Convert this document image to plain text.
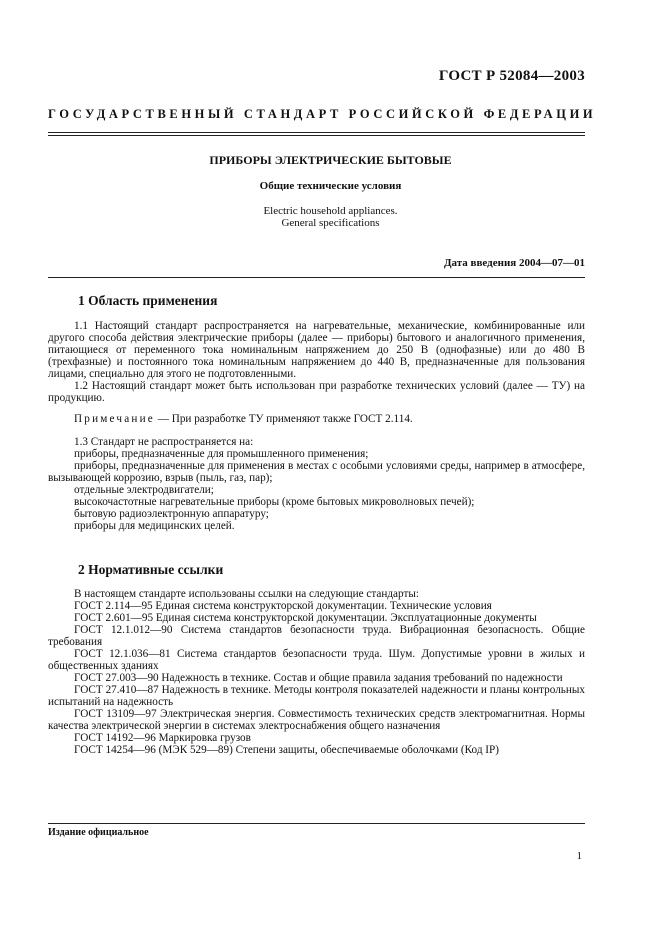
ГОСТ Р 52084—2003
ГОСУДАРСТВЕННЫЙ СТАНДАРТ РОССИЙСКОЙ ФЕДЕРАЦИИ
ПРИБОРЫ ЭЛЕКТРИЧЕСКИЕ БЫТОВЫЕ
Общие технические условия
Electric household appliances.
General specifications
Дата введения 2004—07—01
1 Область применения
1.1 Настоящий стандарт распространяется на нагревательные, механические, комбинированные или другого способа действия электрические приборы (далее — приборы) бытового и аналогичного применения, питающиеся от переменного тока номинальным напряжением до 250 В (однофазные) или до 480 В (трехфазные) и постоянного тока номинальным напряжением до 440 В, предназначенные для пользования лицами, специально для этого не подготовленными.
1.2 Настоящий стандарт может быть использован при разработке технических условий (далее — ТУ) на продукцию.
Примечание — При разработке ТУ применяют также ГОСТ 2.114.
1.3 Стандарт не распространяется на:
приборы, предназначенные для промышленного применения;
приборы, предназначенные для применения в местах с особыми условиями среды, например в атмосфере, вызывающей коррозию, взрыв (пыль, газ, пар);
отдельные электродвигатели;
высокочастотные нагревательные приборы (кроме бытовых микроволновых печей);
бытовую радиоэлектронную аппаратуру;
приборы для медицинских целей.
2 Нормативные ссылки
В настоящем стандарте использованы ссылки на следующие стандарты:
ГОСТ 2.114—95 Единая система конструкторской документации. Технические условия
ГОСТ 2.601—95 Единая система конструкторской документации. Эксплуатационные документы
ГОСТ 12.1.012—90 Система стандартов безопасности труда. Вибрационная безопасность. Общие требования
ГОСТ 12.1.036—81 Система стандартов безопасности труда. Шум. Допустимые уровни в жилых и общественных зданиях
ГОСТ 27.003—90 Надежность в технике. Состав и общие правила задания требований по надежности
ГОСТ 27.410—87 Надежность в технике. Методы контроля показателей надежности и планы контрольных испытаний на надежность
ГОСТ 13109—97 Электрическая энергия. Совместимость технических средств электромагнитная. Нормы качества электрической энергии в системах электроснабжения общего назначения
ГОСТ 14192—96 Маркировка грузов
ГОСТ 14254—96 (МЭК 529—89) Степени защиты, обеспечиваемые оболочками (Код IP)
Издание официальное
1
